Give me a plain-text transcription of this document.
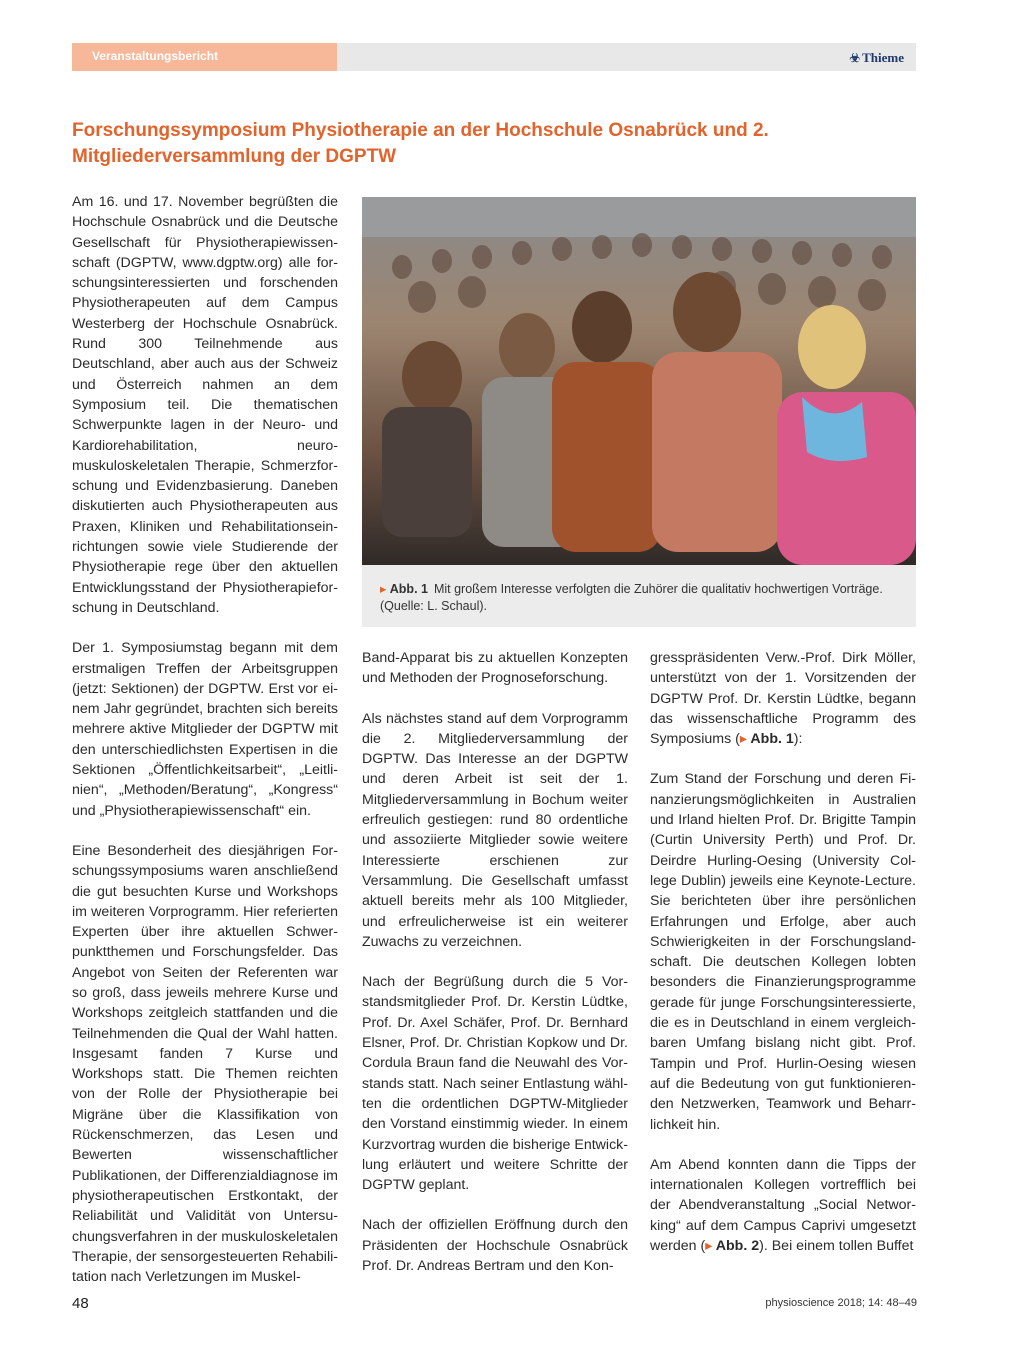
Veranstaltungsbericht	☣ Thieme
Forschungssymposium Physiotherapie an der Hochschule Osnabrück und 2. Mitgliederversammlung der DGPTW

Am 16. und 17. November begrüßten die Hochschule Osnabrück und die Deutsche Gesellschaft für Physiotherapiewissenschaft (DGPTW, www.dgptw.org) alle forschungsinteressierten und forschenden Physiotherapeuten auf dem Campus Westerberg der Hochschule Osnabrück. Rund 300 Teilnehmende aus Deutschland, aber auch aus der Schweiz und Österreich nahmen an dem Symposium teil. Die thematischen Schwerpunkte lagen in der Neuro- und Kardiorehabilitation, neuromuskuloskeletalen Therapie, Schmerzforschung und Evidenzbasierung. Daneben diskutierten auch Physiotherapeuten aus Praxen, Kliniken und Rehabilitationseinrichtungen sowie viele Studierende der Physiotherapie rege über den aktuellen Entwicklungsstand der Physiotherapieforschung in Deutschland.

Der 1. Symposiumstag begann mit dem erstmaligen Treffen der Arbeitsgruppen (jetzt: Sektionen) der DGPTW. Erst vor einem Jahr gegründet, brachten sich bereits mehrere aktive Mitglieder der DGPTW mit den unterschiedlichsten Expertisen in die Sektionen „Öffentlichkeitsarbeit“, „Leitlinien“, „Methoden/Beratung“, „Kongress“ und „Physiotherapiewissenschaft“ ein.

Eine Besonderheit des diesjährigen Forschungssymposiums waren anschließend die gut besuchten Kurse und Workshops im weiteren Vorprogramm. Hier referierten Experten über ihre aktuellen Schwerpunktthemen und Forschungsfelder. Das Angebot von Seiten der Referenten war so groß, dass jeweils mehrere Kurse und Workshops zeitgleich stattfanden und die Teilnehmenden die Qual der Wahl hatten. Insgesamt fanden 7 Kurse und Workshops statt. Die Themen reichten von der Rolle der Physiotherapie bei Migräne über die Klassifikation von Rückenschmerzen, das Lesen und Bewerten wissenschaftlicher Publikationen, der Differenzialdiagnose im physiotherapeutischen Erstkontakt, der Reliabilität und Validität von Untersuchungsverfahren in der muskuloskeletalen Therapie, der sensorgesteuerten Rehabilitation nach Verletzungen im Muskel-

▸ Abb. 1 Mit großem Interesse verfolgten die Zuhörer die qualitativ hochwertigen Vorträge. (Quelle: L. Schaul).

Band-Apparat bis zu aktuellen Konzepten und Methoden der Prognoseforschung.

Als nächstes stand auf dem Vorprogramm die 2. Mitgliederversammlung der DGPTW. Das Interesse an der DGPTW und deren Arbeit ist seit der 1. Mitgliederversammlung in Bochum weiter erfreulich gestiegen: rund 80 ordentliche und assoziierte Mitglieder sowie weitere Interessierte erschienen zur Versammlung. Die Gesellschaft umfasst aktuell bereits mehr als 100 Mitglieder, und erfreulicherweise ist ein weiterer Zuwachs zu verzeichnen.

Nach der Begrüßung durch die 5 Vorstandsmitglieder Prof. Dr. Kerstin Lüdtke, Prof. Dr. Axel Schäfer, Prof. Dr. Bernhard Elsner, Prof. Dr. Christian Kopkow und Dr. Cordula Braun fand die Neuwahl des Vorstands statt. Nach seiner Entlastung wählten die ordentlichen DGPTW-Mitglieder den Vorstand einstimmig wieder. In einem Kurzvortrag wurden die bisherige Entwicklung erläutert und weitere Schritte der DGPTW geplant.

Nach der offiziellen Eröffnung durch den Präsidenten der Hochschule Osnabrück Prof. Dr. Andreas Bertram und den Kon-

gresspräsidenten Verw.-Prof. Dirk Möller, unterstützt von der 1. Vorsitzenden der DGPTW Prof. Dr. Kerstin Lüdtke, begann das wissenschaftliche Programm des Symposiums (▸ Abb. 1):

Zum Stand der Forschung und deren Finanzierungsmöglichkeiten in Australien und Irland hielten Prof. Dr. Brigitte Tampin (Curtin University Perth) und Prof. Dr. Deirdre Hurling-Oesing (University College Dublin) jeweils eine Keynote-Lecture. Sie berichteten über ihre persönlichen Erfahrungen und Erfolge, aber auch Schwierigkeiten in der Forschungslandschaft. Die deutschen Kollegen lobten besonders die Finanzierungsprogramme gerade für junge Forschungsinteressierte, die es in Deutschland in einem vergleichbaren Umfang bislang nicht gibt. Prof. Tampin und Prof. Hurlin-Oesing wiesen auf die Bedeutung von gut funktionierenden Netzwerken, Teamwork und Beharrlichkeit hin.

Am Abend konnten dann die Tipps der internationalen Kollegen vortrefflich bei der Abendveranstaltung „Social Networking“ auf dem Campus Caprivi umgesetzt werden (▸ Abb. 2). Bei einem tollen Buffet

48	physioscience 2018; 14: 48–49
